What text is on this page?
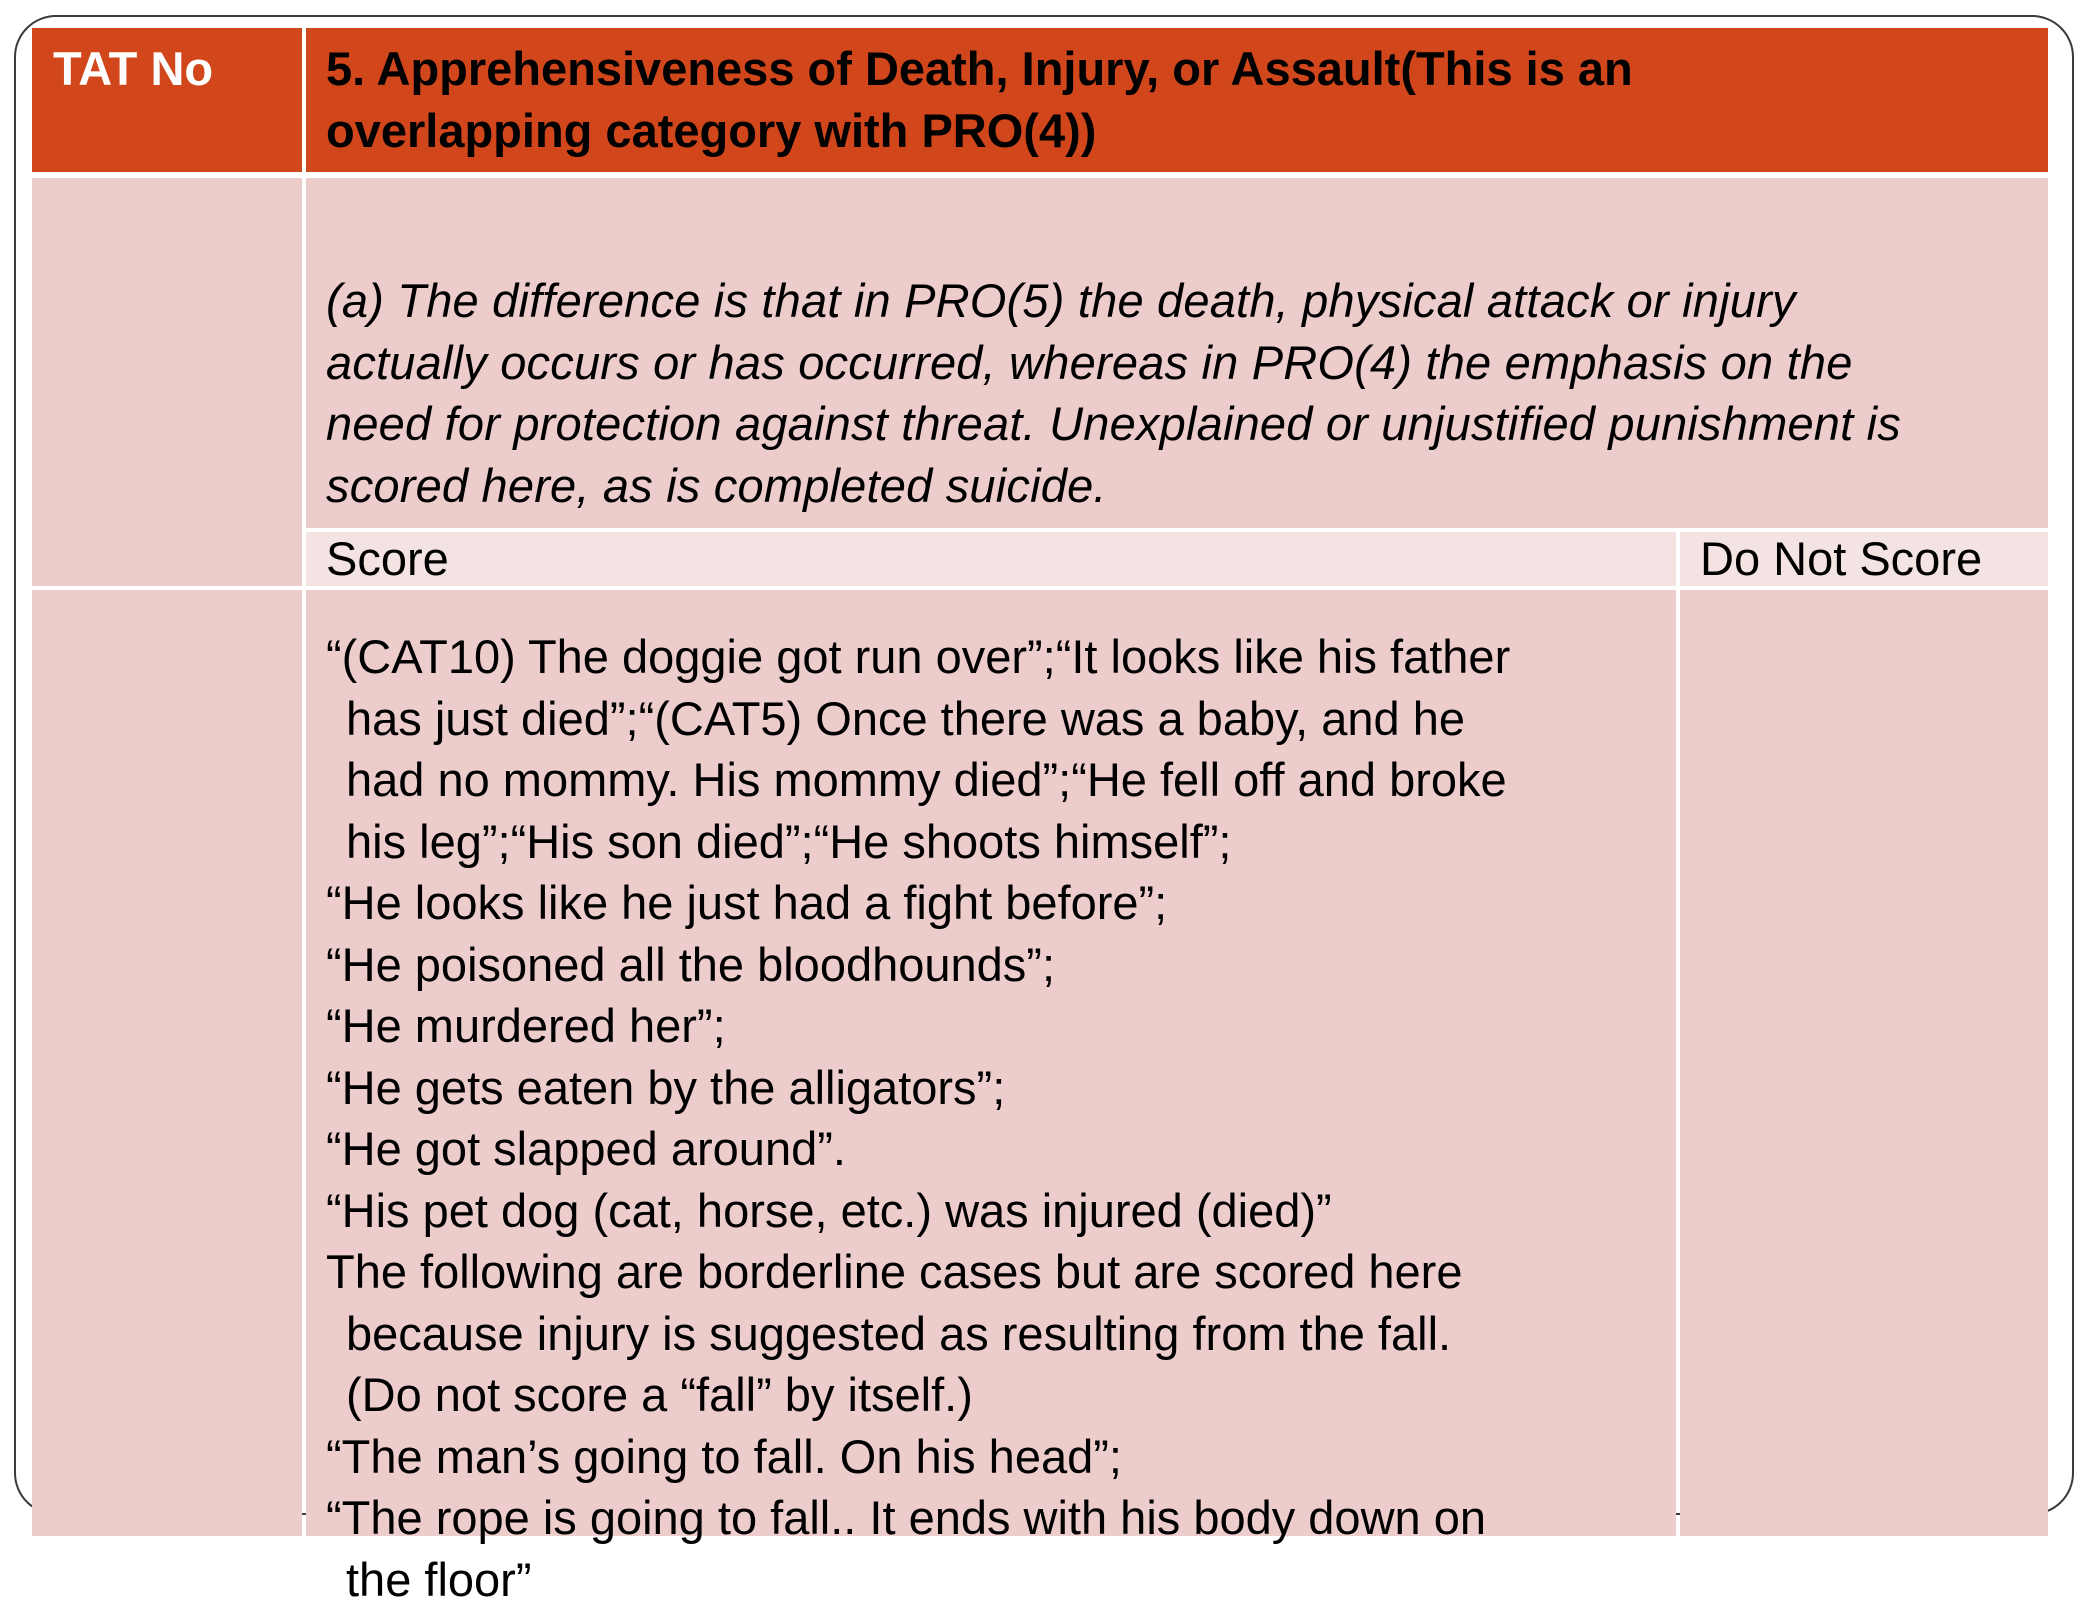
TAT No	5. Apprehensiveness of Death, Injury, or Assault(This is an
overlapping category with PRO(4))
(a) The difference is that in PRO(5) the death, physical attack or injury
actually occurs or has occurred, whereas in PRO(4) the emphasis on the
need for protection against threat. Unexplained or unjustified punishment is
scored here, as is completed suicide.
Score	Do Not Score
“(CAT10) The doggie got run over”;“It looks like his father
has just died”;“(CAT5) Once there was a baby, and he
had no mommy. His mommy died”;“He fell off and broke
his leg”;“His son died”;“He shoots himself”;
“He looks like he just had a fight before”;
“He poisoned all the bloodhounds”;
“He murdered her”;
“He gets eaten by the alligators”;
“He got slapped around”.
“His pet dog (cat, horse, etc.) was injured (died)”
The following are borderline cases but are scored here
because injury is suggested as resulting from the fall.
(Do not score a “fall” by itself.)
“The man’s going to fall. On his head”;
“The rope is going to fall.. It ends with his body down on
the floor”
